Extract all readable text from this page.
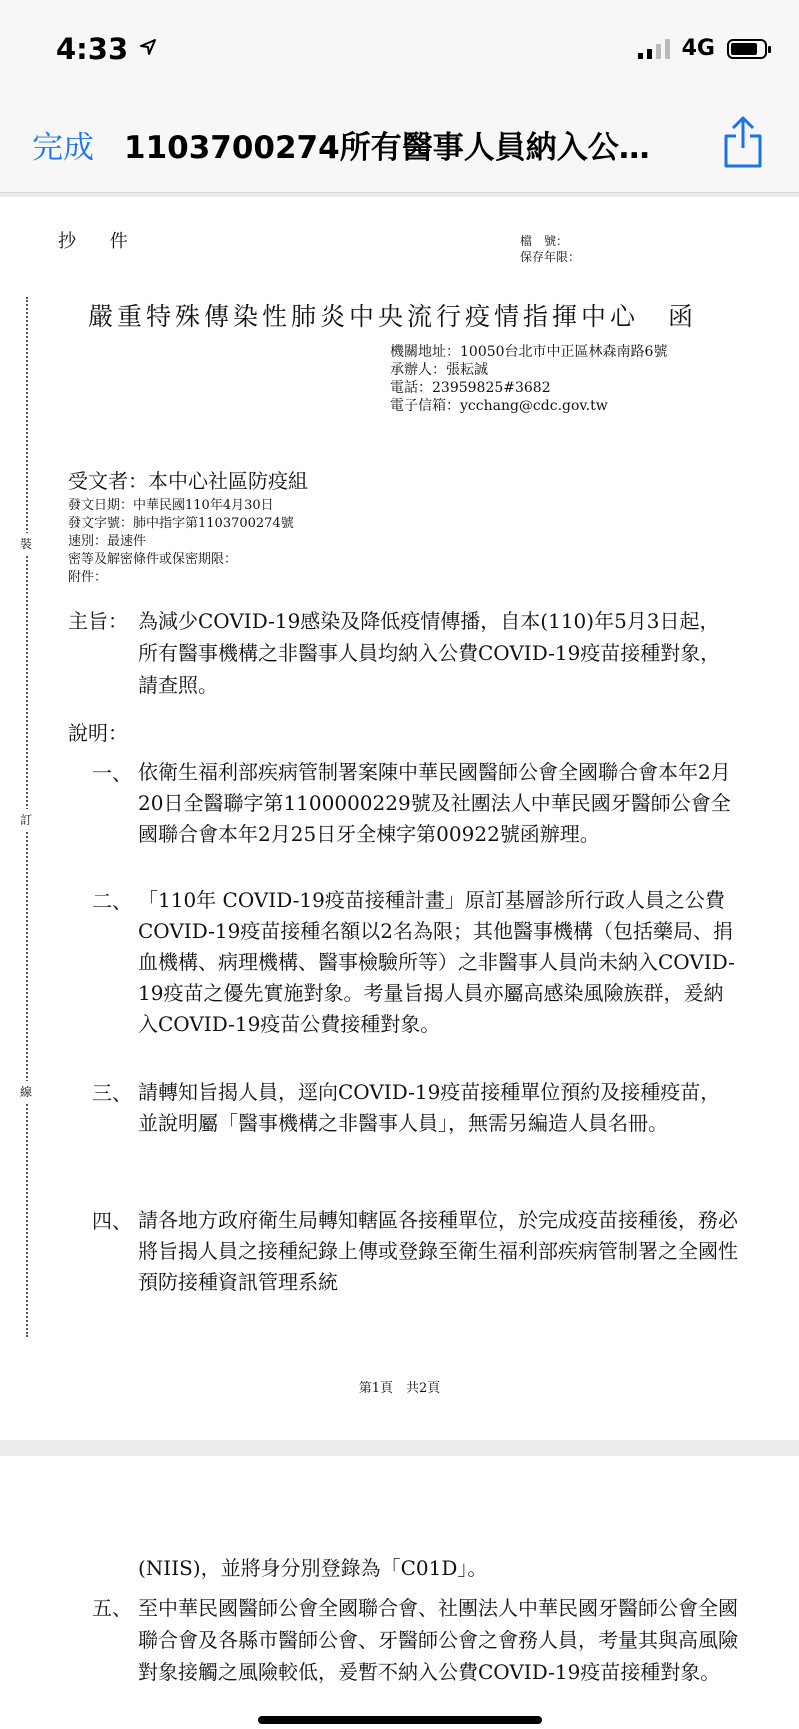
4:33	4G
完成 1103700274所有醫事人員納入公…
抄 件	檔　號：
保存年限：
裝
訂
線
嚴重特殊傳染性肺炎中央流行疫情指揮中心　函
機關地址：10050台北市中正區林森南路6號
承辦人：張耘誠
電話：23959825#3682
電子信箱：ycchang@cdc.gov.tw
受文者：本中心社區防疫組
發文日期：中華民國110年4月30日
發文字號：肺中指字第1103700274號
速別：最速件
密等及解密條件或保密期限：
附件：
主旨： 為減少COVID-19感染及降低疫情傳播，自本(110)年5月3日起，所有醫事機構之非醫事人員均納入公費COVID-19疫苗接種對象，請查照。
說明：
一、 依衛生福利部疾病管制署案陳中華民國醫師公會全國聯合會本年2月20日全醫聯字第1100000229號及社團法人中華民國牙醫師公會全國聯合會本年2月25日牙全棟字第00922號函辦理。
二、 「110年 COVID-19疫苗接種計畫」原訂基層診所行政人員之公費COVID-19疫苗接種名額以2名為限；其他醫事機構（包括藥局、捐血機構、病理機構、醫事檢驗所等）之非醫事人員尚未納入COVID-19疫苗之優先實施對象。考量旨揭人員亦屬高感染風險族群，爰納入COVID-19疫苗公費接種對象。
三、 請轉知旨揭人員，逕向COVID-19疫苗接種單位預約及接種疫苗，並說明屬「醫事機構之非醫事人員」，無需另編造人員名冊。
四、 請各地方政府衛生局轉知轄區各接種單位，於完成疫苗接種後，務必將旨揭人員之接種紀錄上傳或登錄至衛生福利部疾病管制署之全國性預防接種資訊管理系統
第1頁　共2頁
(NIIS)，並將身分別登錄為「C01D」。
五、 至中華民國醫師公會全國聯合會、社團法人中華民國牙醫師公會全國聯合會及各縣市醫師公會、牙醫師公會之會務人員，考量其與高風險對象接觸之風險較低，爰暫不納入公費COVID-19疫苗接種對象。
